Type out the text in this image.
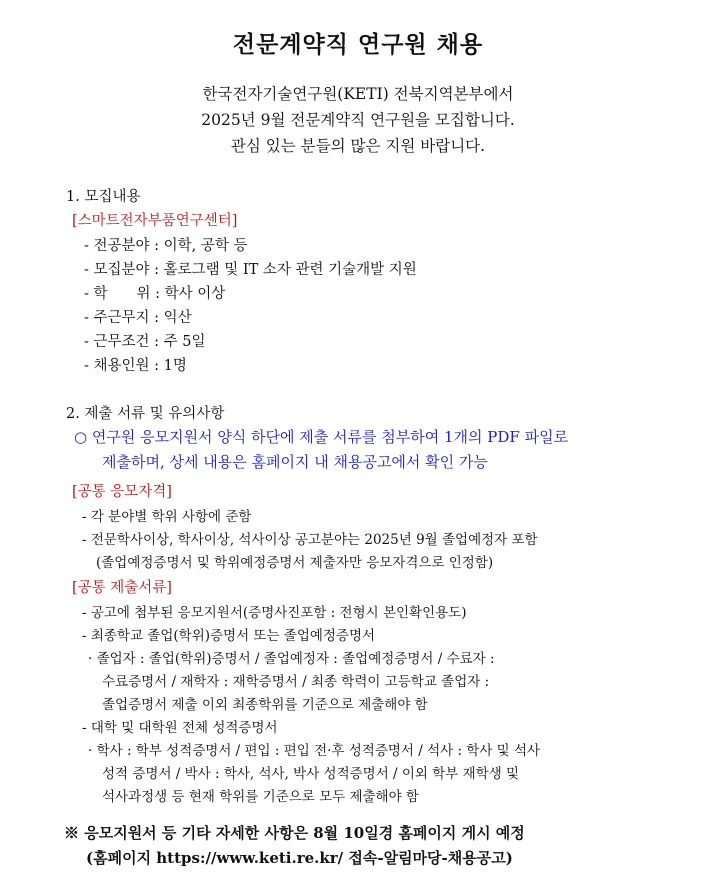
전문계약직 연구원 채용
한국전자기술연구원(KETI) 전북지역본부에서
2025년 9월 전문계약직 연구원을 모집합니다.
관심 있는 분들의 많은 지원 바랍니다.
1. 모집내용
[스마트전자부품연구센터]
- 전공분야 : 이학, 공학 등
- 모집분야 : 홀로그램 및 IT 소자 관련 기술개발 지원
- 학　　위 : 학사 이상
- 주근무지 : 익산
- 근무조건 : 주 5일
- 채용인원 : 1명
2. 제출 서류 및 유의사항
○ 연구원 응모지원서 양식 하단에 제출 서류를 첨부하여 1개의 PDF 파일로
제출하며, 상세 내용은 홈페이지 내 채용공고에서 확인 가능
[공통 응모자격]
- 각 분야별 학위 사항에 준함
- 전문학사이상, 학사이상, 석사이상 공고분야는 2025년 9월 졸업예정자 포함
(졸업예정증명서 및 학위예정증명서 제출자만 응모자격으로 인정함)
[공통 제출서류]
- 공고에 첨부된 응모지원서(증명사진포함 : 전형시 본인확인용도)
- 최종학교 졸업(학위)증명서 또는 졸업예정증명서
· 졸업자 : 졸업(학위)증명서 / 졸업예정자 : 졸업예정증명서 / 수료자 :
수료증명서 / 재학자 : 재학증명서 / 최종 학력이 고등학교 졸업자 :
졸업증명서 제출 이외 최종학위를 기준으로 제출해야 함
- 대학 및 대학원 전체 성적증명서
· 학사 : 학부 성적증명서 / 편입 : 편입 전·후 성적증명서 / 석사 : 학사 및 석사
성적 증명서 / 박사 : 학사, 석사, 박사 성적증명서 / 이외 학부 재학생 및
석사과정생 등 현재 학위를 기준으로 모두 제출해야 함
※ 응모지원서 등 기타 자세한 사항은 8월 10일경 홈페이지 게시 예정
(홈페이지 https://www.keti.re.kr/ 접속-알림마당-채용공고)
